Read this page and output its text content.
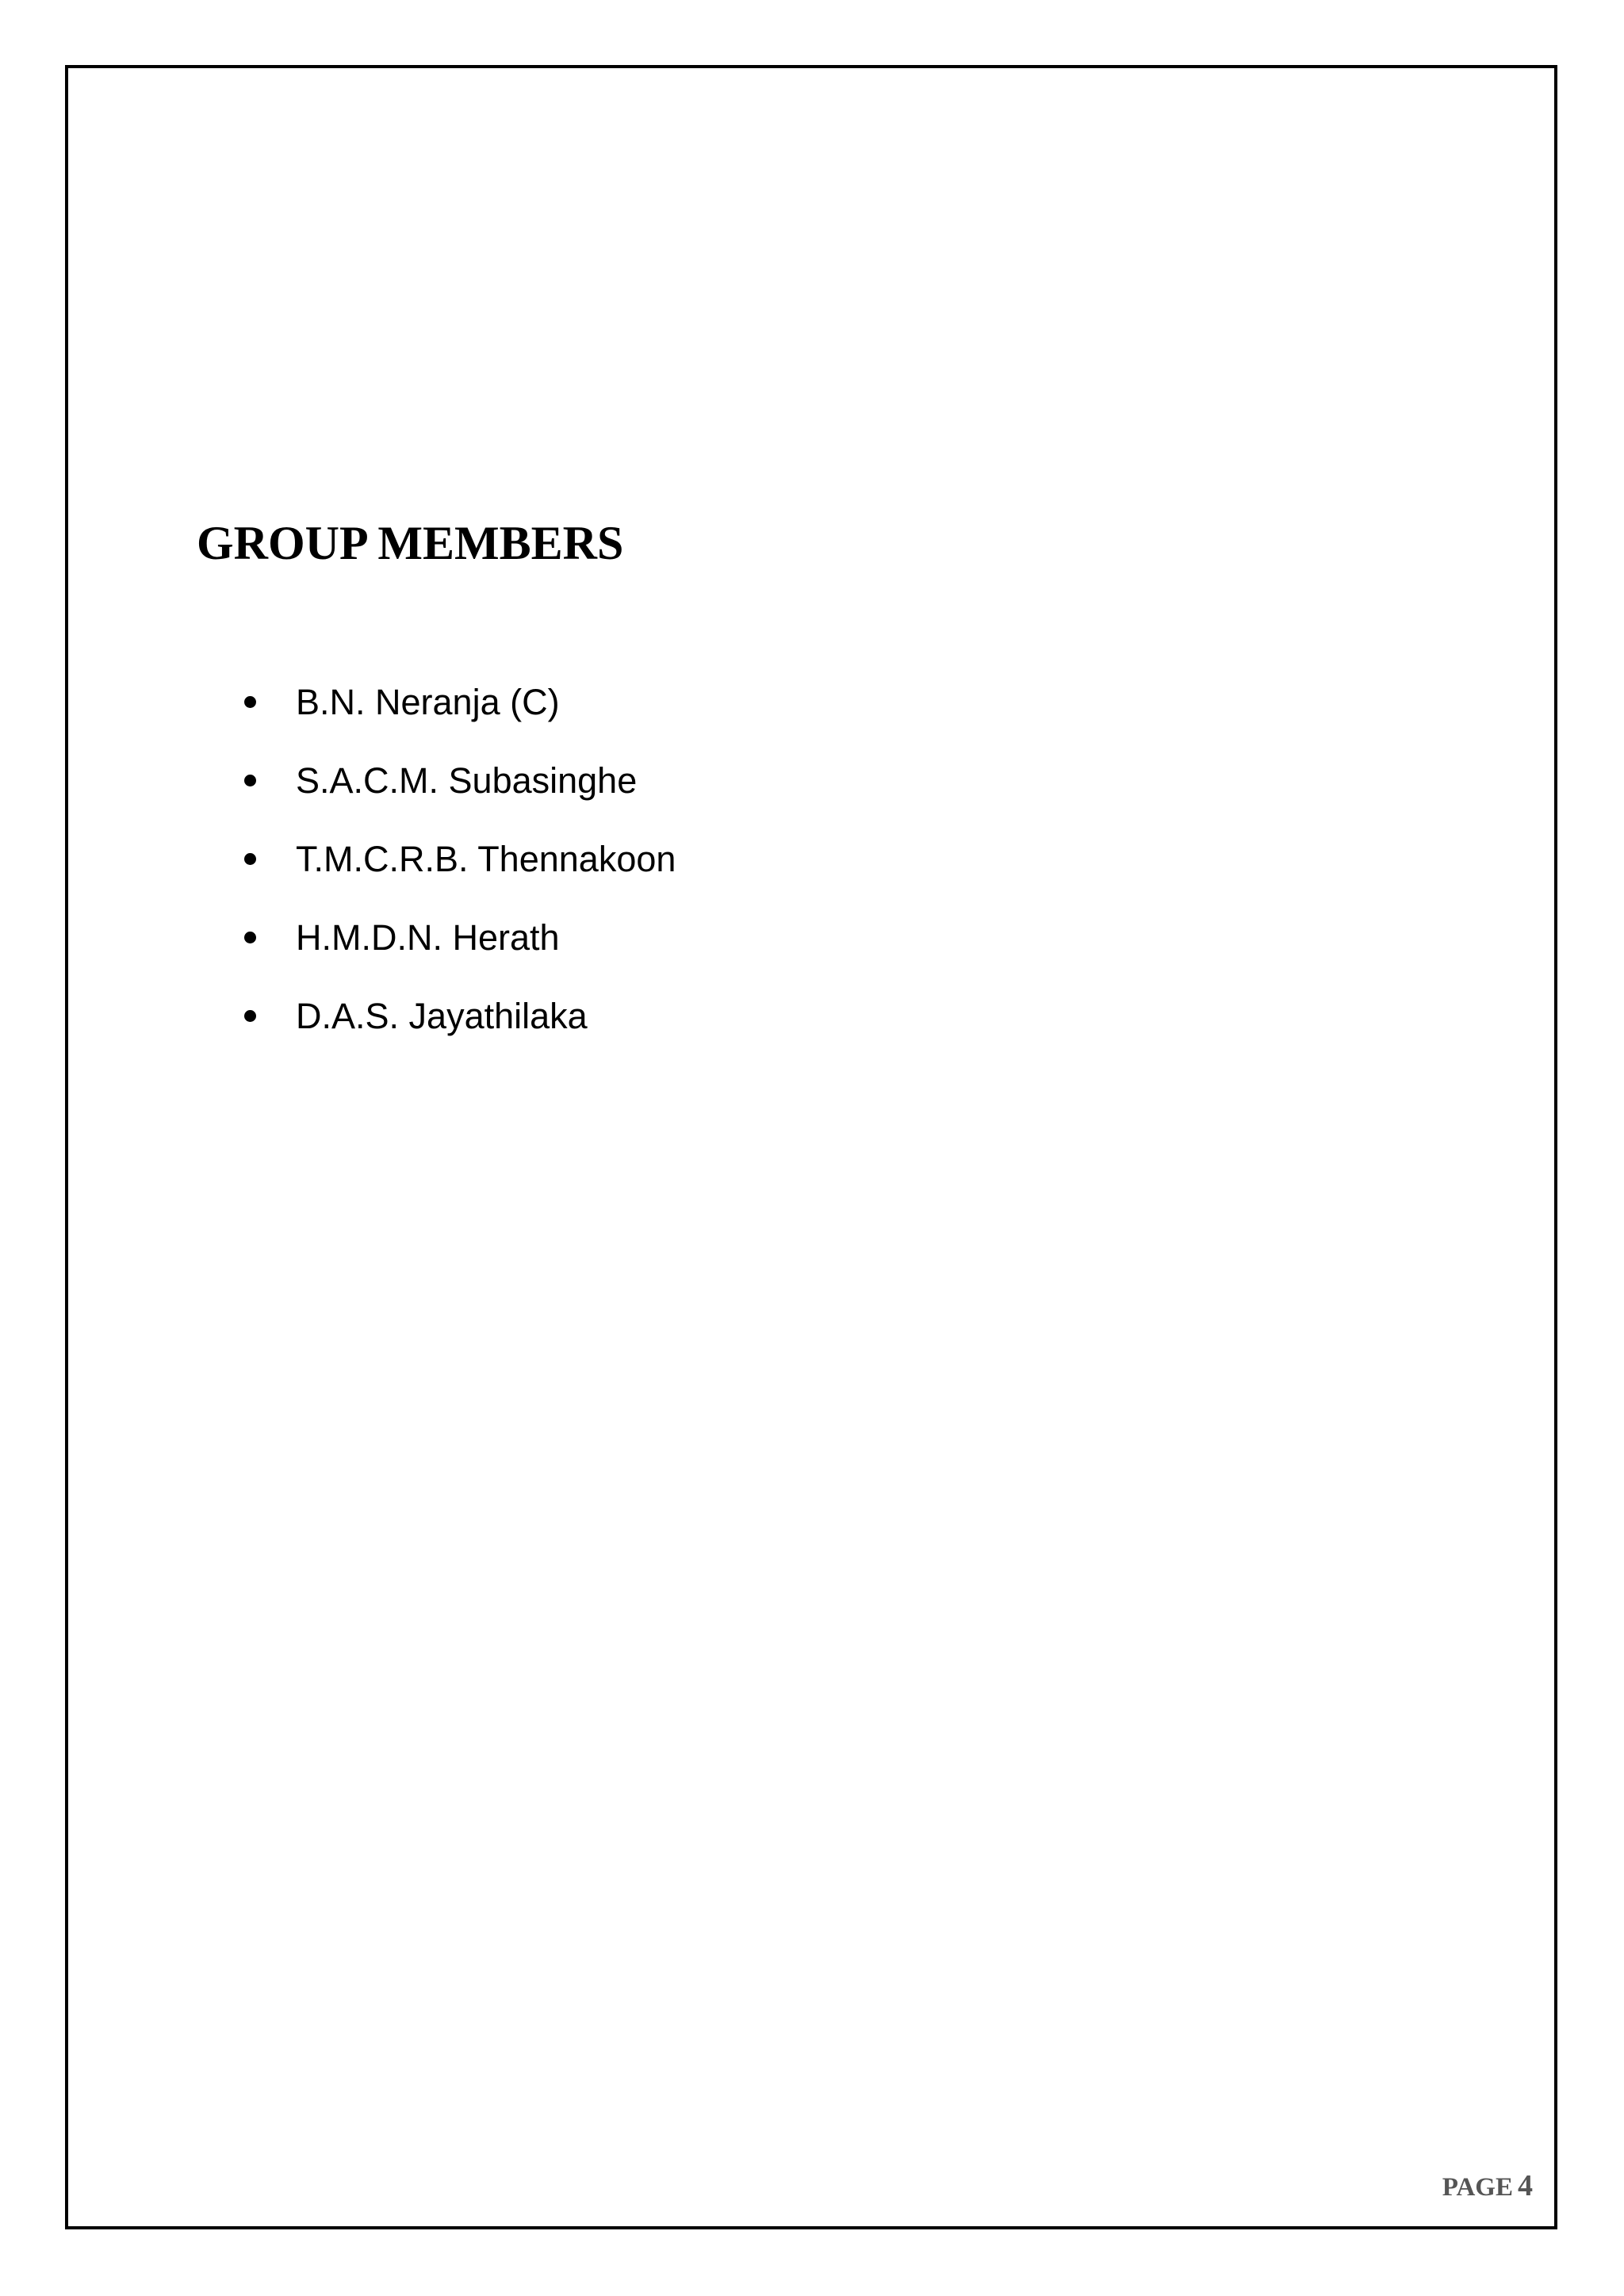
GROUP MEMBERS
B.N. Neranja (C)
S.A.C.M. Subasinghe
T.M.C.R.B. Thennakoon
H.M.D.N. Herath
D.A.S. Jayathilaka
PAGE 4
